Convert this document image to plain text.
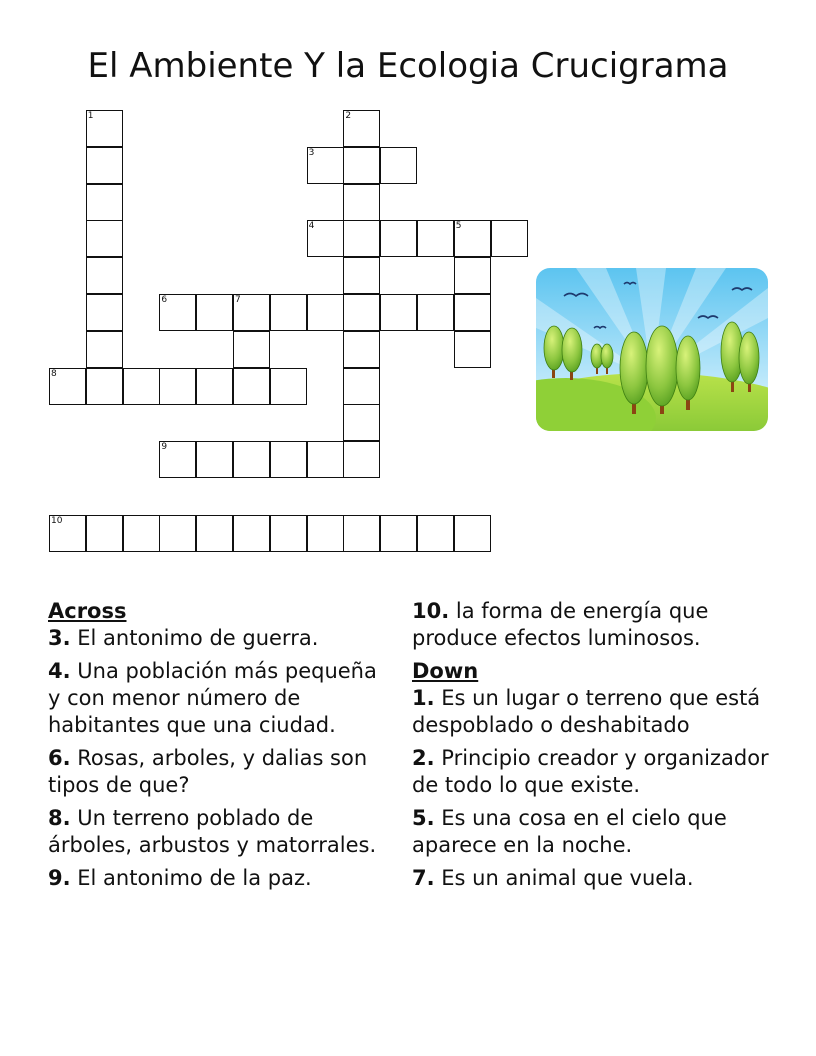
El Ambiente Y la Ecologia Crucigrama
1	2
3
4	5
6	7
8
9
10
Across
3. El antonimo de guerra.
4. Una población más pequeña y con menor número de habitantes que una ciudad.
6. Rosas, arboles, y dalias son tipos de que?
8. Un terreno poblado de árboles, arbustos y matorrales.
9. El antonimo de la paz.
10. la forma de energía que produce efectos luminosos.
Down
1. Es un lugar o terreno que está despoblado o deshabitado
2. Principio creador y organizador de todo lo que existe.
5. Es una cosa en el cielo que aparece en la noche.
7. Es un animal que vuela.
